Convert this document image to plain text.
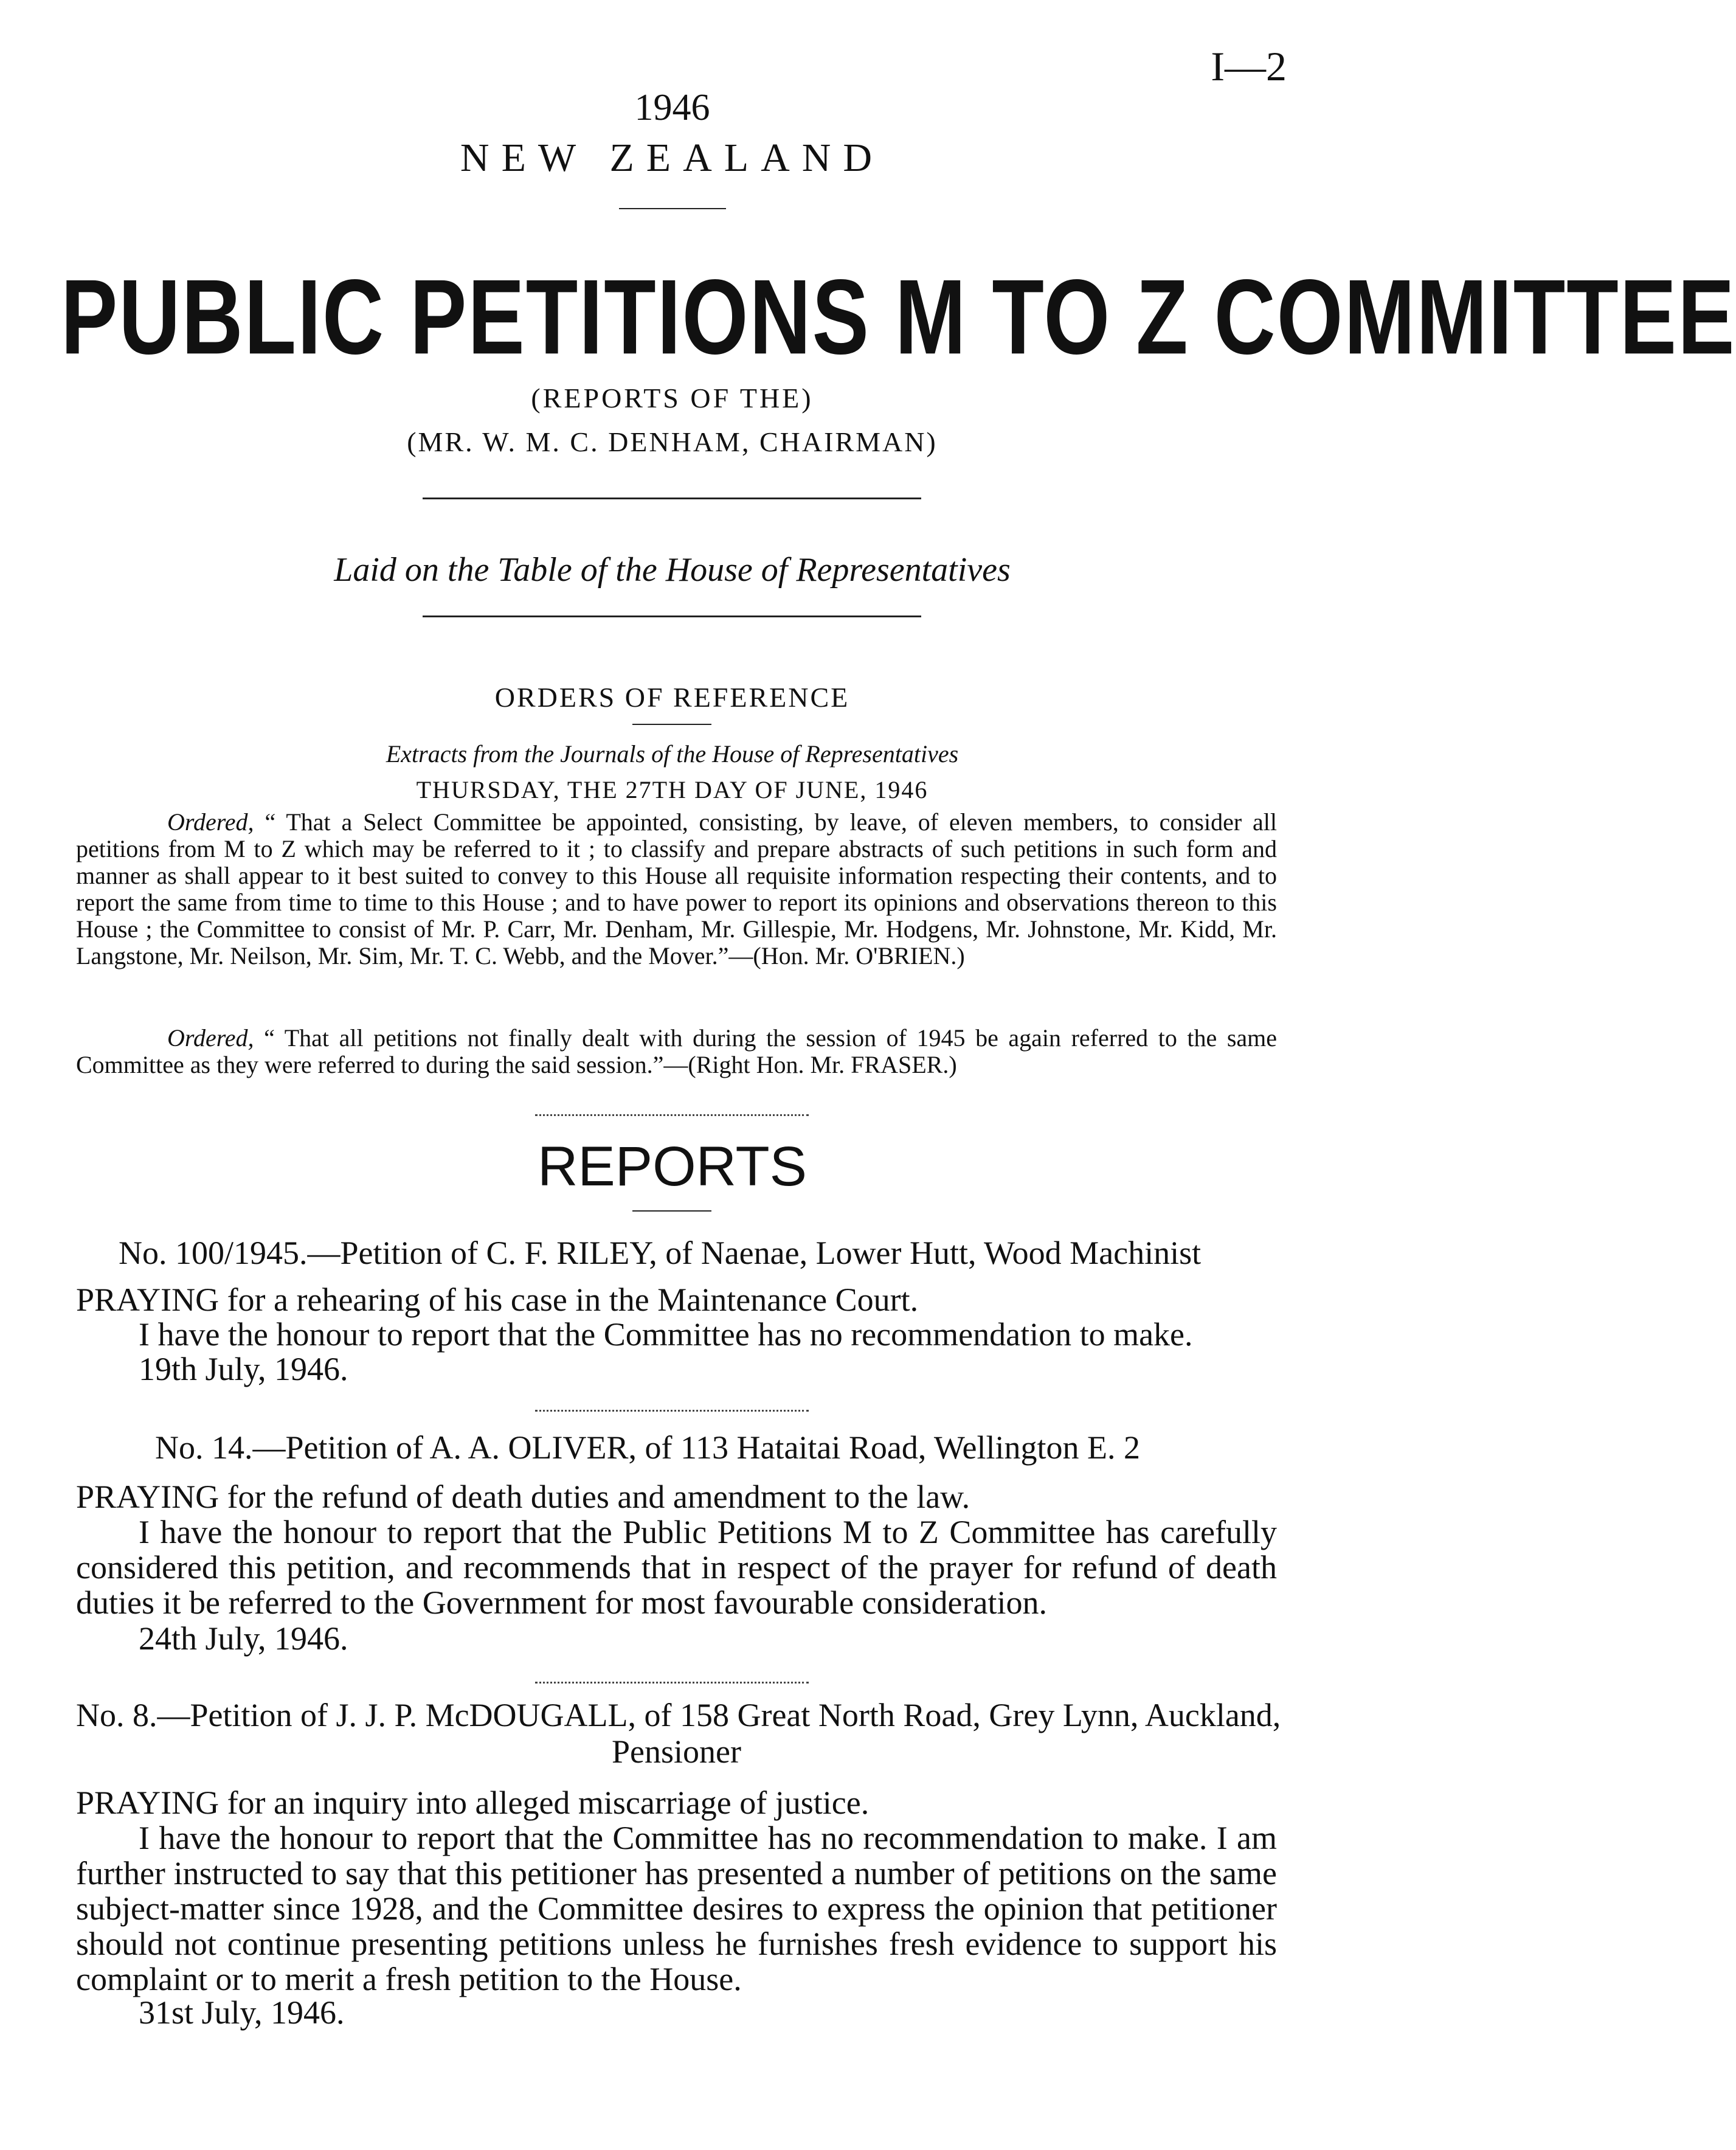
I—2
1946
NEW ZEALAND
PUBLIC PETITIONS M TO Z COMMITTEE
(REPORTS OF THE)
(MR. W. M. C. DENHAM, CHAIRMAN)
Laid on the Table of the House of Representatives
ORDERS OF REFERENCE
Extracts from the Journals of the House of Representatives
THURSDAY, THE 27TH DAY OF JUNE, 1946
Ordered, “ That a Select Committee be appointed, consisting, by leave, of eleven members, to consider all petitions from M to Z which may be referred to it ; to classify and prepare abstracts of such petitions in such form and manner as shall appear to it best suited to convey to this House all requisite information respecting their contents, and to report the same from time to time to this House ; and to have power to report its opinions and observations thereon to this House ; the Committee to consist of Mr. P. Carr, Mr. Denham, Mr. Gillespie, Mr. Hodgens, Mr. Johnstone, Mr. Kidd, Mr. Langstone, Mr. Neilson, Mr. Sim, Mr. T. C. Webb, and the Mover.”—(Hon. Mr. O'BRIEN.)
Ordered, “ That all petitions not finally dealt with during the session of 1945 be again referred to the same Committee as they were referred to during the said session.”—(Right Hon. Mr. FRASER.)
REPORTS
No. 100/1945.—Petition of C. F. RILEY, of Naenae, Lower Hutt, Wood Machinist
PRAYING for a rehearing of his case in the Maintenance Court.
I have the honour to report that the Committee has no recommendation to make.
19th July, 1946.
No. 14.—Petition of A. A. OLIVER, of 113 Hataitai Road, Wellington E. 2
PRAYING for the refund of death duties and amendment to the law.
I have the honour to report that the Public Petitions M to Z Committee has carefully considered this petition, and recommends that in respect of the prayer for refund of death duties it be referred to the Government for most favourable consideration.
24th July, 1946.
No. 8.—Petition of J. J. P. McDOUGALL, of 158 Great North Road, Grey Lynn, Auckland,
Pensioner
PRAYING for an inquiry into alleged miscarriage of justice.
I have the honour to report that the Committee has no recommendation to make. I am further instructed to say that this petitioner has presented a number of petitions on the same subject-matter since 1928, and the Committee desires to express the opinion that petitioner should not continue presenting petitions unless he furnishes fresh evidence to support his complaint or to merit a fresh petition to the House.
31st July, 1946.
